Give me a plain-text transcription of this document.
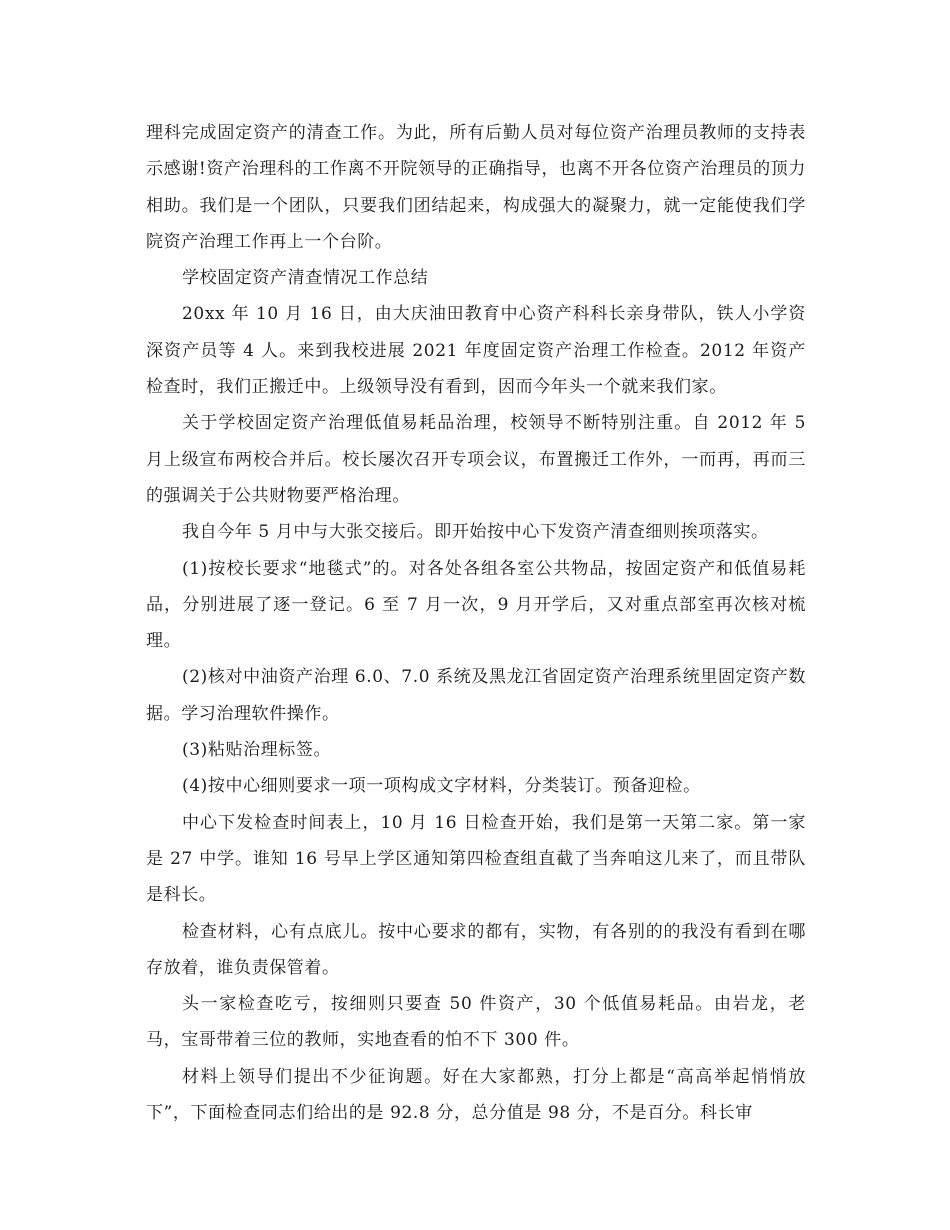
理科完成固定资产的清查工作。为此，所有后勤人员对每位资产治理员教师的支持表示感谢!资产治理科的工作离不开院领导的正确指导，也离不开各位资产治理员的顶力相助。我们是一个团队，只要我们团结起来，构成强大的凝聚力，就一定能使我们学院资产治理工作再上一个台阶。

学校固定资产清查情况工作总结

20xx 年 10 月 16 日，由大庆油田教育中心资产科科长亲身带队，铁人小学资深资产员等 4 人。来到我校进展 2021 年度固定资产治理工作检查。2012 年资产检查时，我们正搬迁中。上级领导没有看到，因而今年头一个就来我们家。

关于学校固定资产治理低值易耗品治理，校领导不断特别注重。自 2012 年 5 月上级宣布两校合并后。校长屡次召开专项会议，布置搬迁工作外，一而再，再而三的强调关于公共财物要严格治理。

我自今年 5 月中与大张交接后。即开始按中心下发资产清查细则挨项落实。

(1)按校长要求“地毯式”的。对各处各组各室公共物品，按固定资产和低值易耗品，分别进展了逐一登记。6 至 7 月一次，9 月开学后，又对重点部室再次核对梳理。

(2)核对中油资产治理 6.0、7.0 系统及黑龙江省固定资产治理系统里固定资产数据。学习治理软件操作。

(3)粘贴治理标签。

(4)按中心细则要求一项一项构成文字材料，分类装订。预备迎检。

中心下发检查时间表上，10 月 16 日检查开始，我们是第一天第二家。第一家是 27 中学。谁知 16 号早上学区通知第四检查组直截了当奔咱这儿来了，而且带队是科长。

检查材料，心有点底儿。按中心要求的都有，实物，有各别的的我没有看到在哪存放着，谁负责保管着。

头一家检查吃亏，按细则只要查 50 件资产，30 个低值易耗品。由岩龙，老马，宝哥带着三位的教师，实地查看的怕不下 300 件。

材料上领导们提出不少征询题。好在大家都熟，打分上都是“高高举起悄悄放下”，下面检查同志们给出的是 92.8 分，总分值是 98 分，不是百分。科长审
